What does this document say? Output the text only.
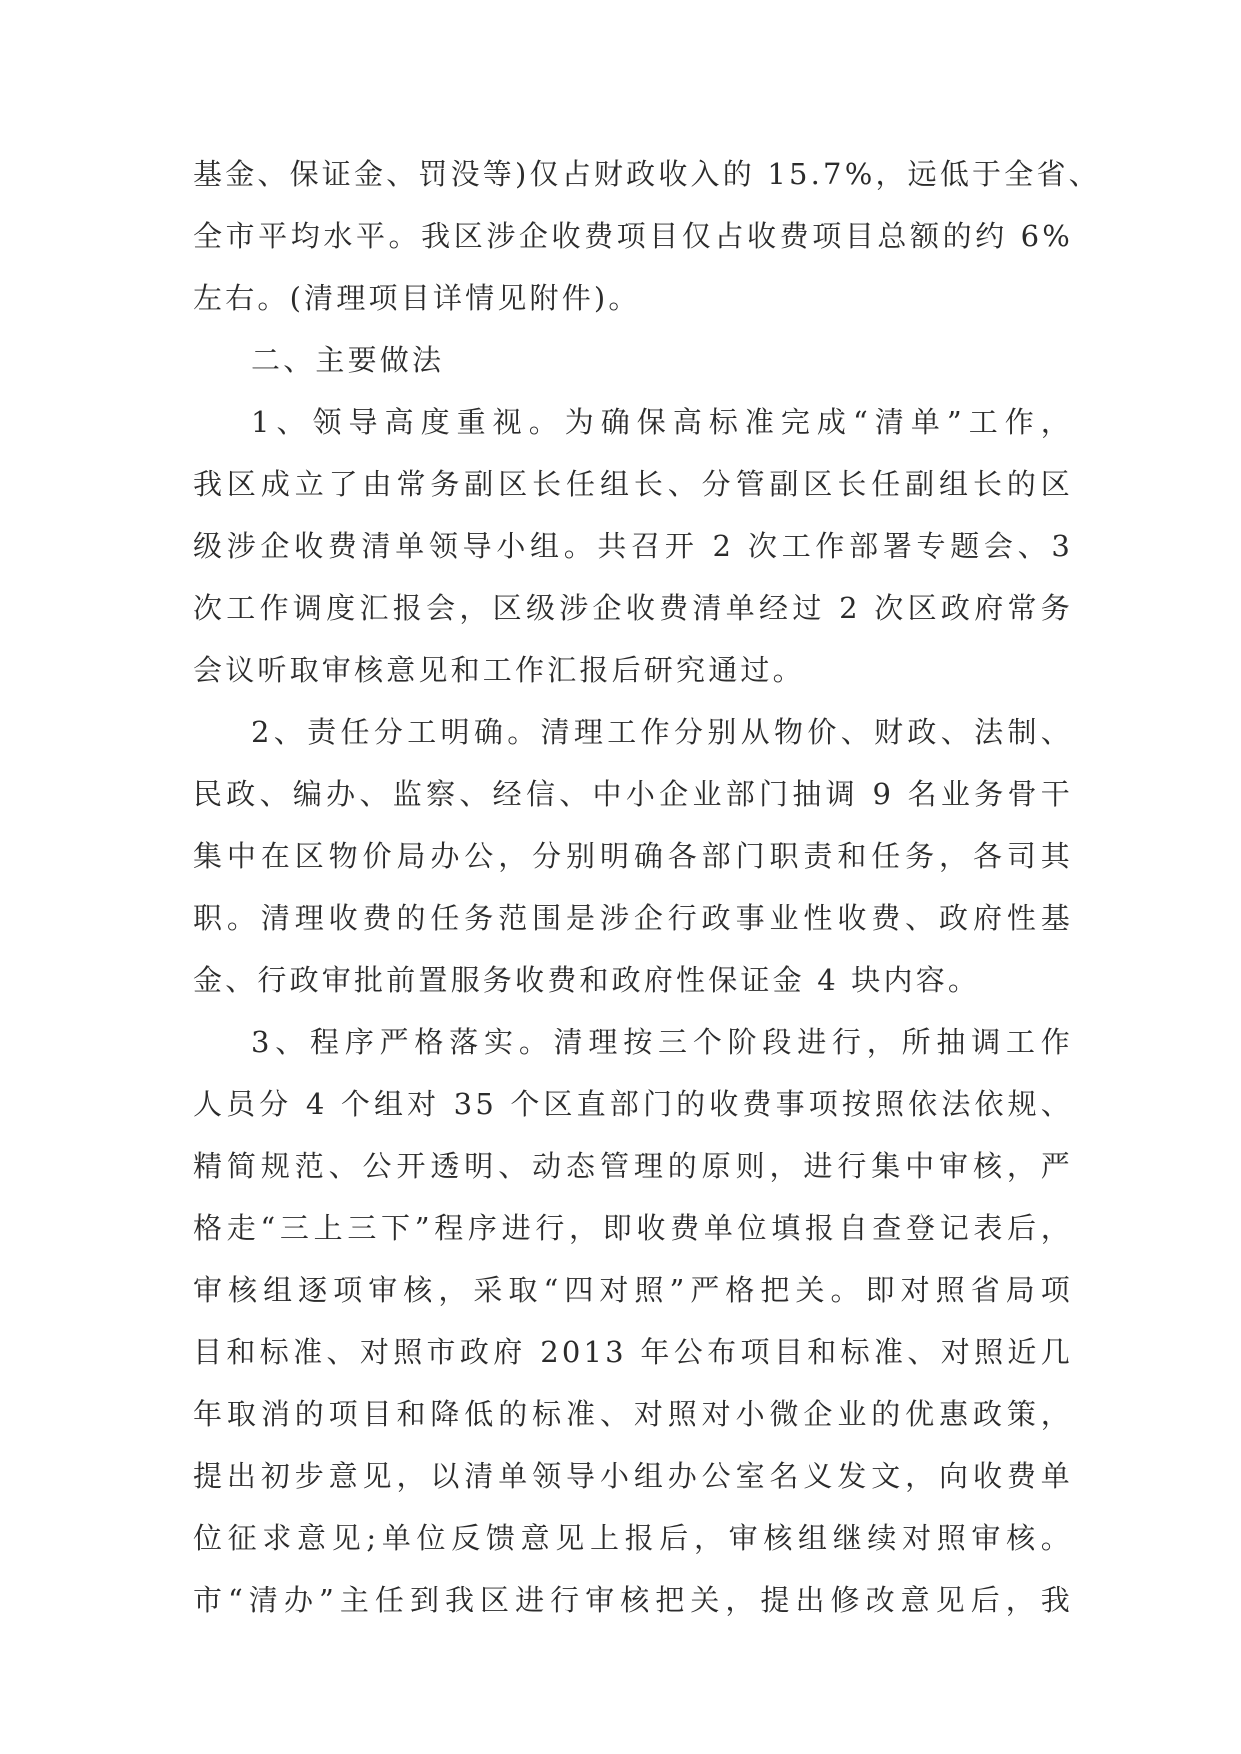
基金、保证金、罚没等)仅占财政收入的 15.7%，远低于全省、
全市平均水平。我区涉企收费项目仅占收费项目总额的约 6%
左右。(清理项目详情见附件)。
二、主要做法
1、领导高度重视。为确保高标准完成“清单”工作，
我区成立了由常务副区长任组长、分管副区长任副组长的区
级涉企收费清单领导小组。共召开 2 次工作部署专题会、3
次工作调度汇报会，区级涉企收费清单经过 2 次区政府常务
会议听取审核意见和工作汇报后研究通过。
2、责任分工明确。清理工作分别从物价、财政、法制、
民政、编办、监察、经信、中小企业部门抽调 9 名业务骨干
集中在区物价局办公，分别明确各部门职责和任务，各司其
职。清理收费的任务范围是涉企行政事业性收费、政府性基
金、行政审批前置服务收费和政府性保证金 4 块内容。
3、程序严格落实。清理按三个阶段进行，所抽调工作
人员分 4 个组对 35 个区直部门的收费事项按照依法依规、
精简规范、公开透明、动态管理的原则，进行集中审核，严
格走“三上三下”程序进行，即收费单位填报自查登记表后，
审核组逐项审核，采取“四对照”严格把关。即对照省局项
目和标准、对照市政府 2013 年公布项目和标准、对照近几
年取消的项目和降低的标准、对照对小微企业的优惠政策，
提出初步意见，以清单领导小组办公室名义发文，向收费单
位征求意见;单位反馈意见上报后，审核组继续对照审核。
市“清办”主任到我区进行审核把关，提出修改意见后，我
